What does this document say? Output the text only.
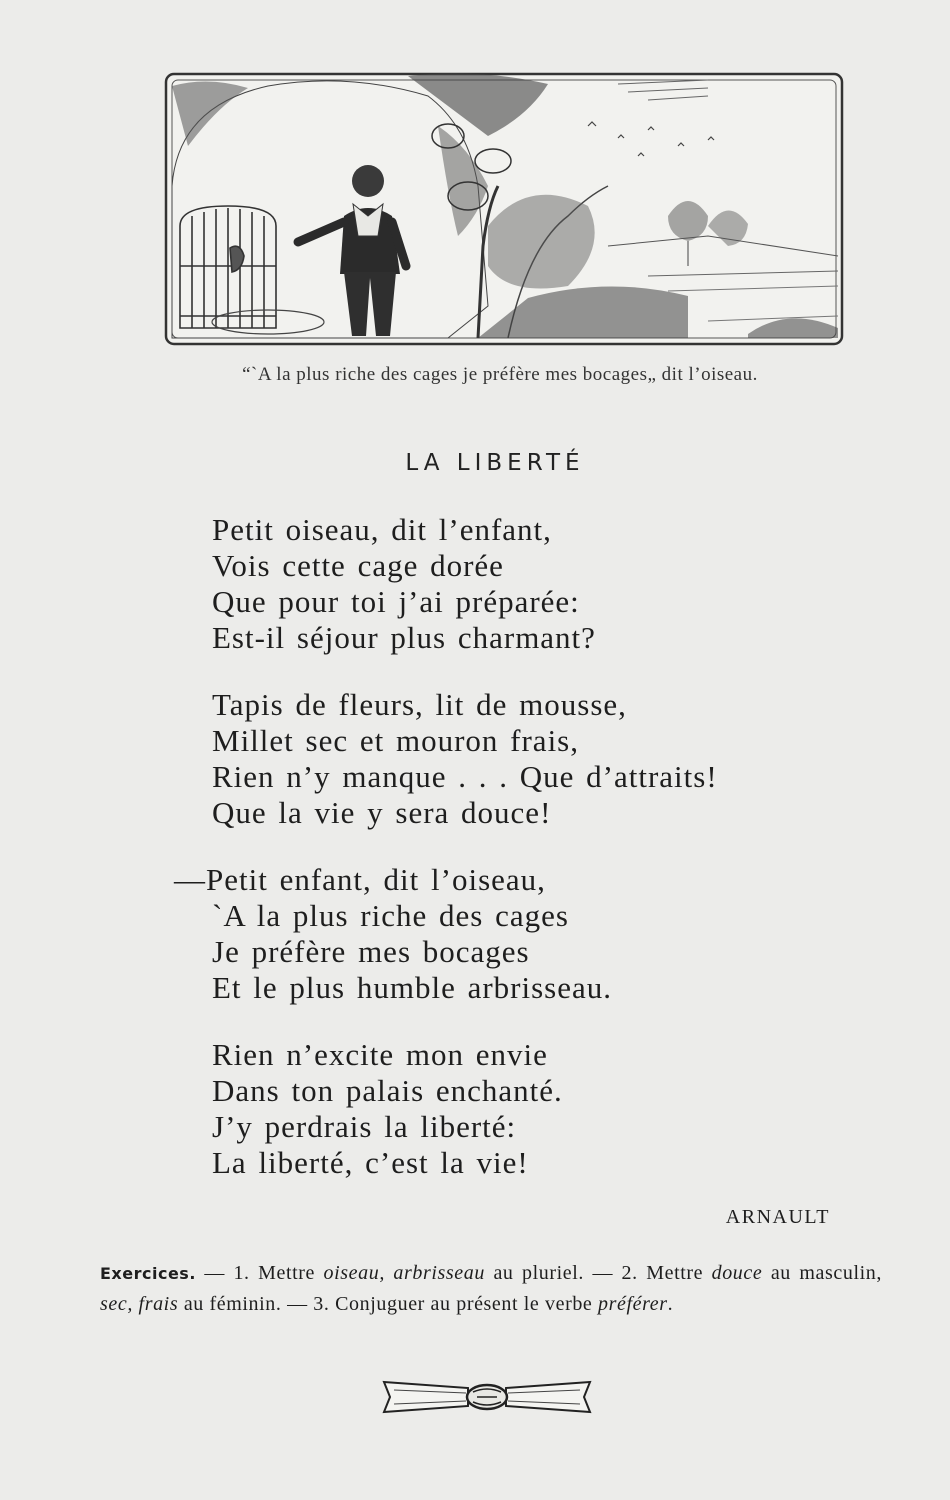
“`A la plus riche des cages je préfère mes bocages„ dit l’oiseau.
LA LIBERTÉ
Petit oiseau, dit l’enfant,
Vois cette cage dorée
Que pour toi j’ai préparée:
Est-il séjour plus charmant?
Tapis de fleurs, lit de mousse,
Millet sec et mouron frais,
Rien n’y manque . . . Que d’attraits!
Que la vie y sera douce!
—Petit enfant, dit l’oiseau,
`A la plus riche des cages
Je préfère mes bocages
Et le plus humble arbrisseau.
Rien n’excite mon envie
Dans ton palais enchanté.
J’y perdrais la liberté:
La liberté, c’est la vie!
ARNAULT
Exercices. — 1. Mettre oiseau, arbrisseau au pluriel. — 2. Mettre douce au masculin, sec, frais au féminin. — 3. Conjuguer au présent le verbe préférer.
